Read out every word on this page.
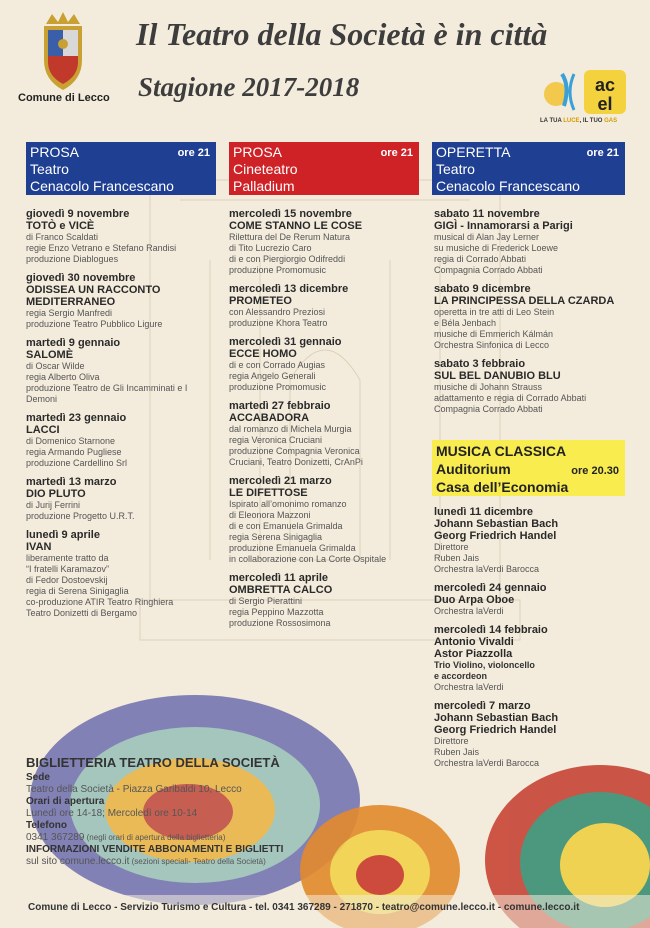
Comune di Lecco
Il Teatro della Società è in città
Stagione 2017-2018	ac
el
LA TUA LUCE, IL TUO GAS
PROSA
Teatro
Cenacolo Francescano
ore 21 PROSA
Cineteatro
Palladium
ore 21 OPERETTA
Teatro
Cenacolo Francescano
ore 21
giovedì 9 novembre
TOTÒ e VICÈ
di Franco Scaldati
regie Enzo Vetrano e Stefano Randisi
produzione Diablogues
giovedì 30 novembre
ODISSEA UN RACCONTO MEDITERRANEO
regia Sergio Manfredi
produzione Teatro Pubblico Ligure
martedì 9 gennaio
SALOMÈ
di Oscar Wilde
regia Alberto Oliva
produzione Teatro de Gli Incamminati e I Demoni
martedì 23 gennaio
LACCI
di Domenico Starnone
regia Armando Pugliese
produzione Cardellino Srl
martedì 13 marzo
DIO PLUTO
di Jurij Ferrini
produzione Progetto U.R.T.
lunedì 9 aprile
IVAN
liberamente tratto da
“I fratelli Karamazov”
di Fedor Dostoevskij
regia di Serena Sinigaglia
co-produzione ATIR Teatro Ringhiera
Teatro Donizetti di Bergamo
mercoledì 15 novembre
COME STANNO LE COSE
Rilettura del De Rerum Natura
di Tito Lucrezio Caro
di e con Piergiorgio Odifreddi
produzione Promomusic
mercoledì 13 dicembre
PROMETEO
con Alessandro Preziosi
produzione Khora Teatro
mercoledì 31 gennaio
ECCE HOMO
di e con Corrado Augias
regia Angelo Generali
produzione Promomusic
martedì 27 febbraio
ACCABADORA
dal romanzo di Michela Murgia
regia Veronica Cruciani
produzione Compagnia Veronica
Cruciani, Teatro Donizetti, CrAnPi
mercoledì 21 marzo
LE DIFETTOSE
Ispirato all’omonimo romanzo
di Eleonora Mazzoni
di e con Emanuela Grimalda
regia Serena Sinigaglia
produzione Emanuela Grimalda
in collaborazione con La Corte Ospitale
mercoledì 11 aprile
OMBRETTA CALCO
di Sergio Pierattini
regia Peppino Mazzotta
produzione Rossosimona
sabato 11 novembre
GIGÌ - Innamorarsi a Parigi
musical di Alan Jay Lerner
su musiche di Frederick Loewe
regia di Corrado Abbati
Compagnia Corrado Abbati
sabato 9 dicembre
LA PRINCIPESSA DELLA CZARDA
operetta in tre atti di Leo Stein
e Béla Jenbach
musiche di Emmerich Kálmán
Orchestra Sinfonica di Lecco
sabato 3 febbraio
SUL BEL DANUBIO BLU
musiche di Johann Strauss
adattamento e regia di Corrado Abbati
Compagnia Corrado Abbati
MUSICA CLASSICA
Auditorium
Casa dell’Economia
ore 20.30
lunedì 11 dicembre
Johann Sebastian Bach
Georg Friedrich Handel
Direttore
Ruben Jais
Orchestra laVerdi Barocca
mercoledì 24 gennaio
Duo Arpa Oboe
Orchestra laVerdi
mercoledì 14 febbraio
Antonio Vivaldi
Astor Piazzolla
Trio Violino, violoncello
e accordeon
Orchestra laVerdi
mercoledì 7 marzo
Johann Sebastian Bach
Georg Friedrich Handel
Direttore
Ruben Jais
Orchestra laVerdi Barocca
BIGLIETTERIA TEATRO DELLA SOCIETÀ
Sede
Teatro della Società - Piazza Garibaldi 10, Lecco
Orari di apertura
Lunedì ore 14-18; Mercoledì ore 10-14
Telefono
0341 367289 (negli orari di apertura della biglietteria)
INFORMAZIONI VENDITE ABBONAMENTI E BIGLIETTI
sul sito comune.lecco.it (sezioni speciali- Teatro della Società)
Comune di Lecco - Servizio Turismo e Cultura - tel. 0341 367289 - 271870 - teatro@comune.lecco.it - comune.lecco.it
